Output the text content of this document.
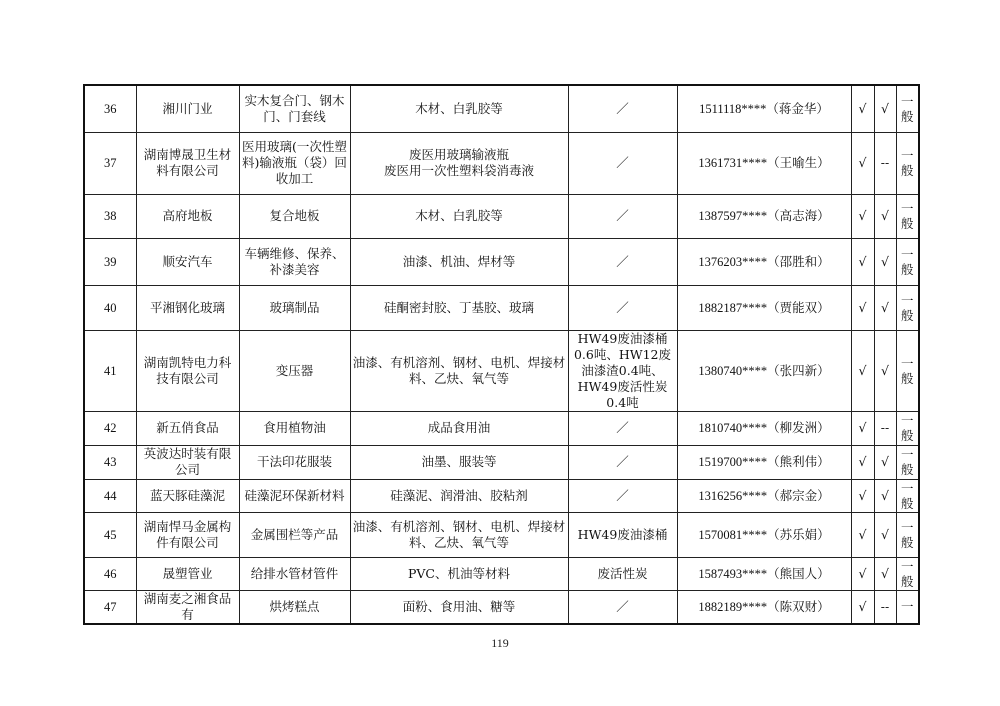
36	湘川门业	实木复合门、钢木门、门套线	木材、白乳胶等	／	1511118****（蒋金华）	√	√	一般
37	湖南博晟卫生材料有限公司	医用玻璃(一次性塑料)输液瓶（袋）回收加工	废医用玻璃输液瓶
废医用一次性塑料袋消毒液	／	1361731****（王喻生）	√	--	一般
38	高府地板	复合地板	木材、白乳胶等	／	1387597****（高志海）	√	√	一般
39	顺安汽车	车辆维修、保养、补漆美容	油漆、机油、焊材等	／	1376203****（邵胜和）	√	√	一般
40	平湘钢化玻璃	玻璃制品	硅酮密封胶、丁基胶、玻璃	／	1882187****（贾能双）	√	√	一般
41	湖南凯特电力科技有限公司	变压器	油漆、有机溶剂、钢材、电机、焊接材料、乙炔、氧气等	HW49废油漆桶0.6吨、HW12废油漆渣0.4吨、HW49废活性炭0.4吨	1380740****（张四新）	√	√	一般
42	新五俏食品	食用植物油	成品食用油	／	1810740****（柳发洲）	√	--	一般
43	英波达时装有限公司	干法印花服装	油墨、服装等	／	1519700****（熊利伟）	√	√	一般
44	蓝天豚硅藻泥	硅藻泥环保新材料	硅藻泥、润滑油、胶粘剂	／	1316256****（郝宗金）	√	√	一般
45	湖南悍马金属构件有限公司	金属围栏等产品	油漆、有机溶剂、钢材、电机、焊接材料、乙炔、氧气等	HW49废油漆桶	1570081****（苏乐娟）	√	√	一般
46	晟塑管业	给排水管材管件	PVC、机油等材料	废活性炭	1587493****（熊国人）	√	√	一般
47	湖南麦之湘食品有	烘烤糕点	面粉、食用油、糖等	／	1882189****（陈双财）	√	--	一
119
